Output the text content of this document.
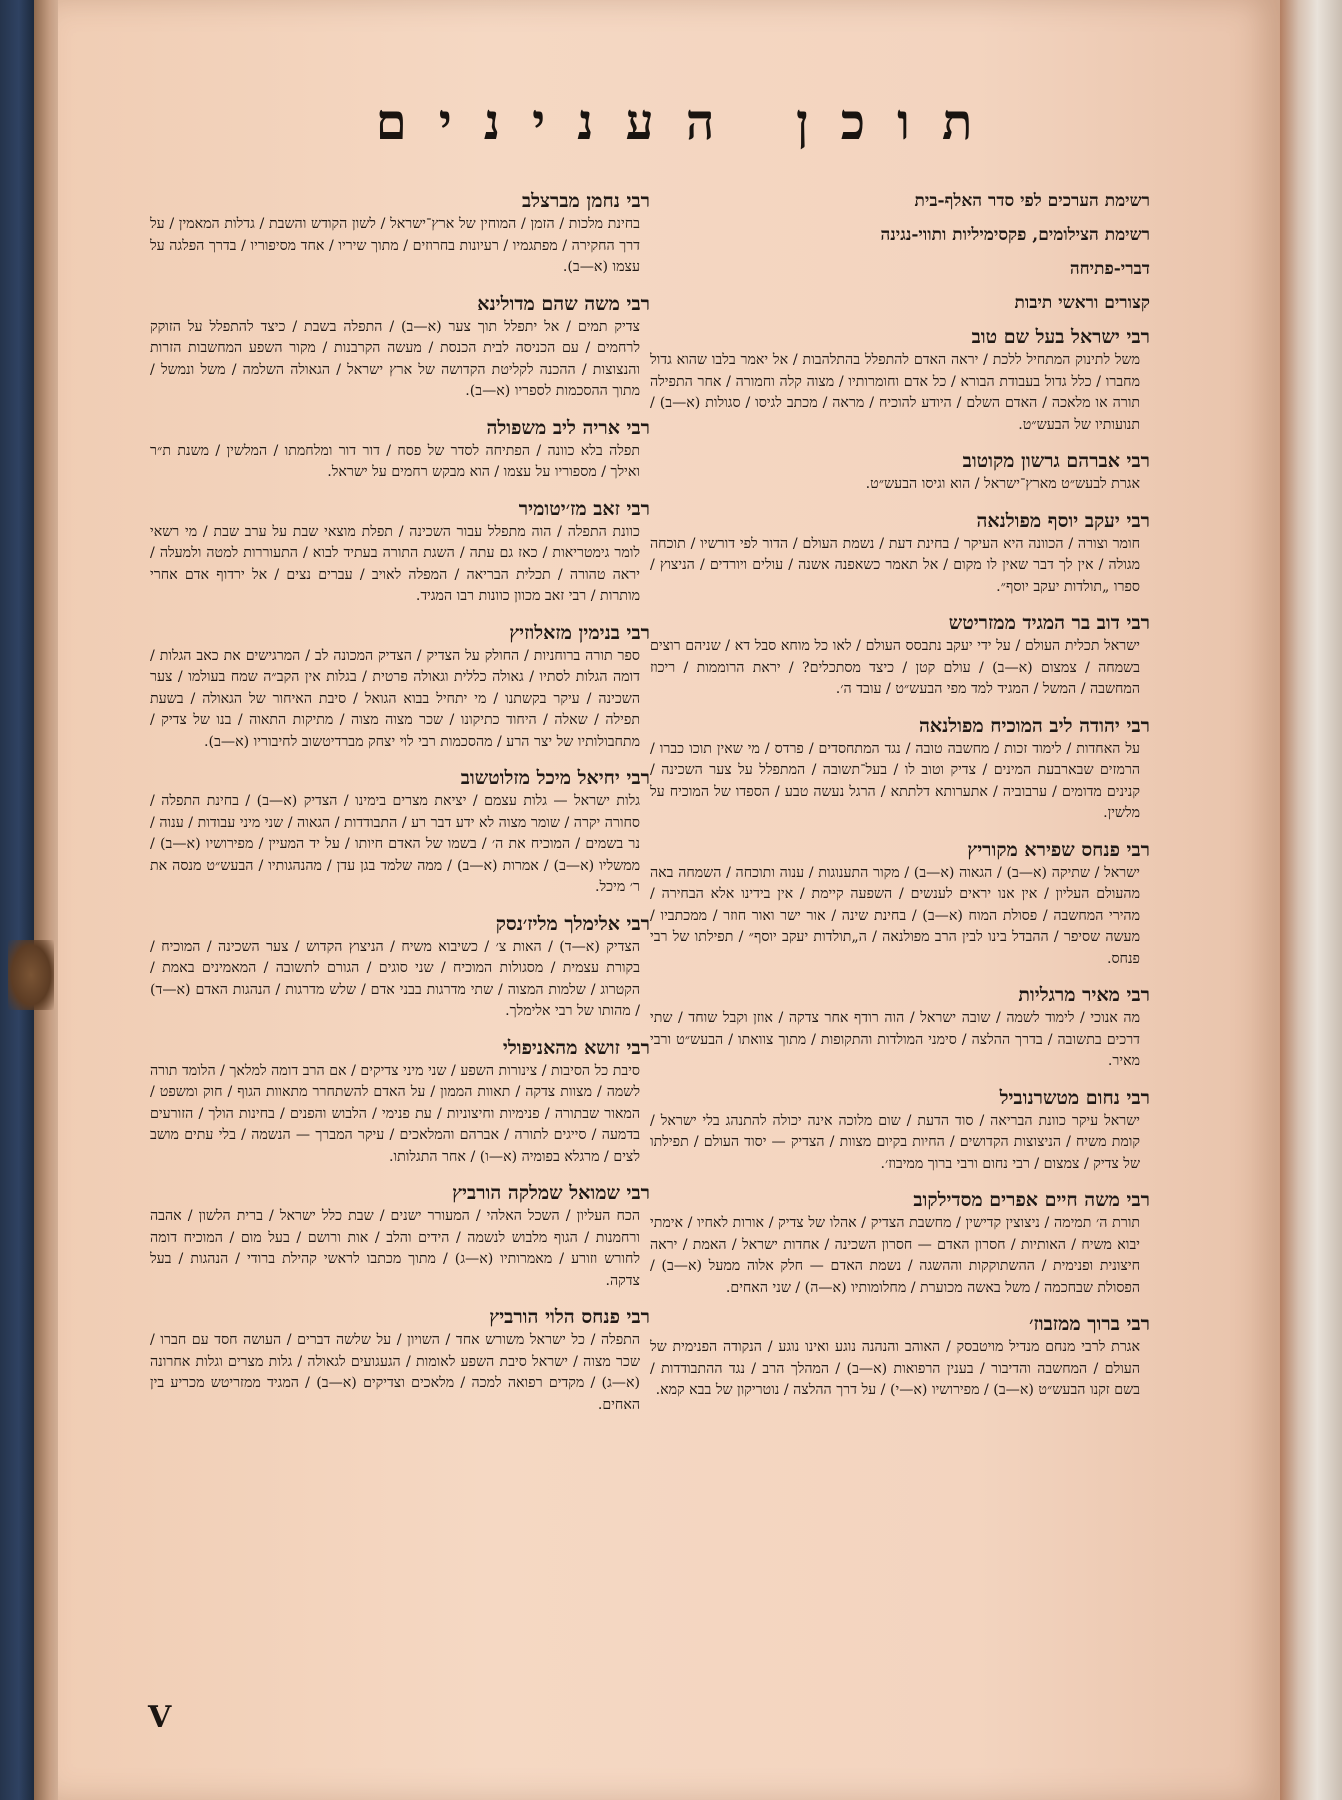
תוכן הענינים
רשימת הערכים לפי סדר האלף-בית
רשימת הצילומים, פקסימיליות ותווי-נגינה
דברי-פתיחה
קצורים וראשי תיבות
רבי ישראל בעל שם טוב
משל לתינוק המתחיל ללכת / יראה האדם להתפלל בהתלהבות / אל יאמר בלבו שהוא גדול מחברו / כלל גדול בעבודת הבורא / כל אדם וחומרותיו / מצוה קלה וחמורה / אחר התפילה תורה או מלאכה / האדם השלם / היודע להוכיח / מראה / מכתב לגיסו / סגולות (א—ב) / תנועותיו של הבעש״ט.
רבי אברהם גרשון מקוטוב
אגרת לבעש״ט מארץ־ישראל / הוא וגיסו הבעש״ט.
רבי יעקב יוסף מפולנאה
חומר וצורה / הכוונה היא העיקר / בחינת דעת / נשמת העולם / הדור לפי דורשיו / תוכחה מגולה / אין לך דבר שאין לו מקום / אל תאמר כשאפנה אשנה / עולים ויורדים / הניצוץ / ספרו „תולדות יעקב יוסף״.
רבי דוב בר המגיד ממזריטש
ישראל תכלית העולם / על ידי יעקב נתבסס העולם / לאו כל מוחא סבל דא / שניהם רוצים בשמחה / צמצום (א—ב) / עולם קטן / כיצד מסתכלים? / יראת הרוממות / ריכוז המחשבה / המשל / המגיד למד מפי הבעש״ט / עובד ה׳.
רבי יהודה ליב המוכיח מפולנאה
על האחדות / לימוד זכות / מחשבה טובה / נגד המתחסדים / פרדס / מי שאין תוכו כברו / הרמזים שבארבעת המינים / צדיק וטוב לו / בעל־תשובה / המתפלל על צער השכינה / קנינים מדומים / ערבוביה / אתערותא דלתתא / הרגל נעשה טבע / הספדו של המוכיח על מלשין.
רבי פנחס שפירא מקוריץ
ישראל / שתיקה (א—ב) / הגאוה (א—ב) / מקור התענוגות / ענוה ותוכחה / השמחה באה מהעולם העליון / אין אנו יראים לענשים / השפעה קיימת / אין בידינו אלא הבחירה / מהירי המחשבה / פסולת המוח (א—ב) / בחינת שינה / אור ישר ואור חוזר / ממכתביו / מעשה שסיפר / ההבדל בינו לבין הרב מפולנאה / ה„תולדות יעקב יוסף״ / תפילתו של רבי פנחס.
רבי מאיר מרגליות
מה אנוכי / לימוד לשמה / שובה ישראל / הוה רודף אחר צדקה / אוזן וקבל שוחד / שתי דרכים בתשובה / בדרך ההלצה / סימני המולדות והתקופות / מתוך צוואתו / הבעש״ט ורבי מאיר.
רבי נחום מטשרנוביל
ישראל עיקר כוונת הבריאה / סוד הדעת / שום מלוכה אינה יכולה להתנהג בלי ישראל / קומת משיח / הניצוצות הקדושים / החיות בקיום מצוות / הצדיק — יסוד העולם / תפילתו של צדיק / צמצום / רבי נחום ורבי ברוך ממיבוז׳.
רבי משה חיים אפרים מסדילקוב
תורת ה׳ תמימה / ניצוצין קדישין / מחשבת הצדיק / אהלו של צדיק / אורות לאחיו / אימתי יבוא משיח / האותיות / חסרון האדם — חסרון השכינה / אחדות ישראל / האמת / יראה חיצונית ופנימית / ההשתוקקות וההשגה / נשמת האדם — חלק אלוה ממעל (א—ב) / הפסולת שבחכמה / משל באשה מכוערת / מחלומותיו (א—ה) / שני האחים.
רבי ברוך ממזבוז׳
אגרת לרבי מנחם מנדיל מויטבסק / האוהב והנהנה נוגע ואינו נוגע / הנקודה הפנימית של העולם / המחשבה והדיבור / בענין הרפואות (א—ב) / המהלך הרב / נגד ההתבודדות / בשם זקנו הבעש״ט (א—ב) / מפירושיו (א—י) / על דרך ההלצה / נוטריקון של בבא קמא.
רבי נחמן מברצלב
בחינת מלכות / הזמן / המוחין של ארץ־ישראל / לשון הקודש והשבת / גדלות המאמין / על דרך החקירה / מפתגמיו / רעיונות בחרוזים / מתוך שיריו / אחד מסיפוריו / בדרך הפלגה על עצמו (א—ב).
רבי משה שהם מדולינא
צדיק תמים / אל יתפלל תוך צער (א—ב) / התפלה בשבת / כיצד להתפלל על הזוקק לרחמים / עם הכניסה לבית הכנסת / מעשה הקרבנות / מקור השפע המחשבות הזרות והנצוצות / ההכנה לקליטת הקדושה של ארץ ישראל / הגאולה השלמה / משל ונמשל / מתוך ההסכמות לספריו (א—ב).
רבי אריה ליב משפולה
תפלה בלא כוונה / הפתיחה לסדר של פסח / דור דור ומלחמתו / המלשין / משנת ת״ר ואילך / מספוריו על עצמו / הוא מבקש רחמים על ישראל.
רבי זאב מז׳יטומיר
כוונת התפלה / הוה מתפלל עבור השכינה / תפלת מוצאי שבת על ערב שבת / מי רשאי לומר גימטריאות / כאז גם עתה / השגת התורה בעתיד לבוא / התעוררות למטה ולמעלה / יראה טהורה / תכלית הבריאה / המפלה לאויב / עברים נצים / אל ירדוף אדם אחרי מותרות / רבי זאב מכוון כוונות רבו המגיד.
רבי בנימין מזאלוזיץ
ספר תורה ברוחניות / החולק על הצדיק / הצדיק המכונה לב / המרגישים את כאב הגלות / דומה הגלות לסתיו / גאולה כללית וגאולה פרטית / בגלות אין הקב״ה שמח בעולמו / צער השכינה / עיקר בקשתנו / מי יתחיל בבוא הגואל / סיבת האיחור של הגאולה / בשעת תפילה / שאלה / היחוד כתיקונו / שכר מצוה מצוה / מתיקות התאוה / בנו של צדיק / מתחבולותיו של יצר הרע / מהסכמות רבי לוי יצחק מברדיטשוב לחיבוריו (א—ב).
רבי יחיאל מיכל מזלוטשוב
גלות ישראל — גלות עצמם / יציאת מצרים בימינו / הצדיק (א—ב) / בחינת התפלה / סחורה יקרה / שומר מצוה לא ידע דבר רע / התבודדות / הגאוה / שני מיני עבודות / ענוה / נר בשמים / המוכיח את ה׳ / בשמו של האדם חיותו / על יד המעיין / מפירושיו (א—ב) / ממשליו (א—ב) / אמרות (א—ב) / ממה שלמד בגן עדן / מהנהגותיו / הבעש״ט מנסה את ר׳ מיכל.
רבי אלימלך מליז׳נסק
הצדיק (א—ד) / האות צ׳ / כשיבוא משיח / הניצוץ הקדוש / צער השכינה / המוכיח / בקורת עצמית / מסגולות המוכיח / שני סוגים / הגורם לתשובה / המאמינים באמת / הקטרוג / שלמות המצוה / שתי מדרגות בבני אדם / שלש מדרגות / הנהגות האדם (א—ד) / מהותו של רבי אלימלך.
רבי זושא מהאניפולי
סיבת כל הסיבות / צינורות השפע / שני מיני צדיקים / אם הרב דומה למלאך / הלומד תורה לשמה / מצוות צדקה / תאוות הממון / על האדם להשתחרר מתאוות הגוף / חוק ומשפט / המאור שבתורה / פנימיות וחיצוניות / עת פנימי / הלבוש והפנים / בחינות הולך / הזורעים בדמעה / סייגים לתורה / אברהם והמלאכים / עיקר המברך — הנשמה / בלי עתים מושב לצים / מרגלא בפומיה (א—ו) / אחר התגלותו.
רבי שמואל שמלקה הורביץ
הכח העליון / השכל האלהי / המעורר ישנים / שבת כלל ישראל / ברית הלשון / אהבה ורחמנות / הגוף מלבוש לנשמה / הידים והלב / אות ורושם / בעל מום / המוכיח דומה לחורש וזורע / מאמרותיו (א—ג) / מתוך מכתבו לראשי קהילת ברודי / הנהגות / בעל צדקה.
רבי פנחס הלוי הורביץ
התפלה / כל ישראל משורש אחד / השויון / על שלשה דברים / העושה חסד עם חברו / שכר מצוה / ישראל סיבת השפע לאומות / הגעגועים לגאולה / גלות מצרים וגלות אחרונה (א—ג) / מקדים רפואה למכה / מלאכים וצדיקים (א—ב) / המגיד ממזריטש מכריע בין האחים.
V
